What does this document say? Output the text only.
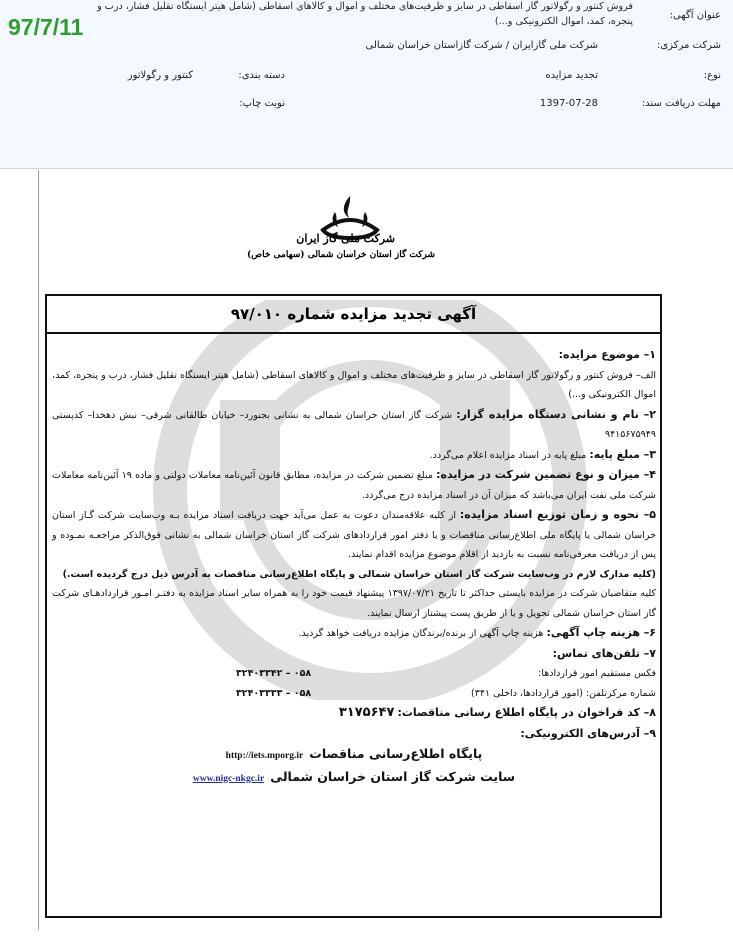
97/7/11	عنوان آگهی:
فروش کنتور و رگولاتور گاز اسقاطی در سایز و ظرفیت‌های مختلف و اموال و کالاهای اسقاطی (شامل هیتر ایستگاه تقلیل فشار، درب و
پنجره، کمد، اموال الکترونیکی و...)
شرکت مرکزی:
شرکت ملی گازایران / شرکت گازاستان خراسان شمالی
نوع:
تجدید مزایده
دسته بندی:
کنتور و رگولاتور
مهلت دریافت سند:
1397-07-28
نوبت چاپ:
شرکت ملی گاز ایران
شرکت گاز استان خراسان شمالی (سهامی خاص)
آگهی تجدید مزایده شماره ۹۷/۰۱۰

۱– موضوع مزایده:
الف– فروش کنتور و رگولاتور گاز اسقاطی در سایز و ظرفیت‌های مختلف و اموال و کالاهای اسقاطی (شامل هیتر ایستگاه تقلیل فشار، درب و پنجره، کمد، اموال الکترونیکی و...)

۲– نام و نشانی دستگاه مزایده گزار: شرکت گاز استان خراسان شمالی به نشانی بجنورد– خیابان طالقانی شرقی– نبش دهخدا– کدپستی ۹۴۱۵۶۷۵۹۴۹

۳– مبلغ پایه: مبلغ پایه در اسناد مزایده اعلام می‌گردد.

۴– میزان و نوع تضمین شرکت در مزایده: مبلغ تضمین شرکت در مزایده، مطابق قانون آئین‌نامه معاملات دولتی و ماده ۱۹ آئین‌نامه معاملات شرکت ملی نفت ایران می‌باشد که میزان آن در اسناد مزایده درج می‌گردد.

۵– نحوه و زمان توزیع اسناد مزایده: از کلیه علاقه‌مندان دعوت به عمل می‌آید جهت دریافت اسناد مزایده بـه وب‌سایت شرکت گـاز استان خراسان شمالی یا پایگاه ملی اطلاع‌رسانی مناقصات و یا دفتر امور قراردادهای شرکت گاز استان خراسان شمالی به نشانی فوق‌الذکر مراجعـه نمـوده و پس از دریافت معرفی‌نامه نسبت به بازدید از اقلام موضوع مزایده اقدام نمایند.

(کلیه مدارک لازم در وب‌سایت شرکت گاز استان خراسان شمالی و پایگاه اطلاع‌رسانی مناقصات به آدرس ذیل درج گردیده است.)

کلیه متقاضیان شرکت در مزایده بایستی حداکثر تا تاریخ ۱۳۹۷/۰۷/۲۱ پیشنهاد قیمت خود را به همراه سایر اسناد مزایده به دفتـر امـور قراردادهـای شرکت گاز استان خراسان شمالی تحویل و یا از طریق پست پیشتاز ارسال نمایند.

۶– هزینه چاپ آگهی: هزینه چاپ آگهی از برنده/برندگان مزایده دریافت خواهد گردید.

۷– تلفن‌های تماس:

فکس مستقیم امور قراردادها:
۰۵۸ – ۳۲۴۰۳۳۴۲
شماره مرکز‌تلفن: (امور قراردادها، داخلی ۳۴۱)
۰۵۸ – ۳۲۴۰۳۳۳۳

۸– کد فراخوان در پایگاه اطلاع رسانی مناقصات: ۳۱۷۵۶۴۷

۹– آدرس‌های الکترونیکی:

پایگاه اطلاع‌رسانی مناقصات  http://iets.mporg.ir

سایت شرکت گاز استان خراسان شمالی  www.nigc-nkgc.ir
